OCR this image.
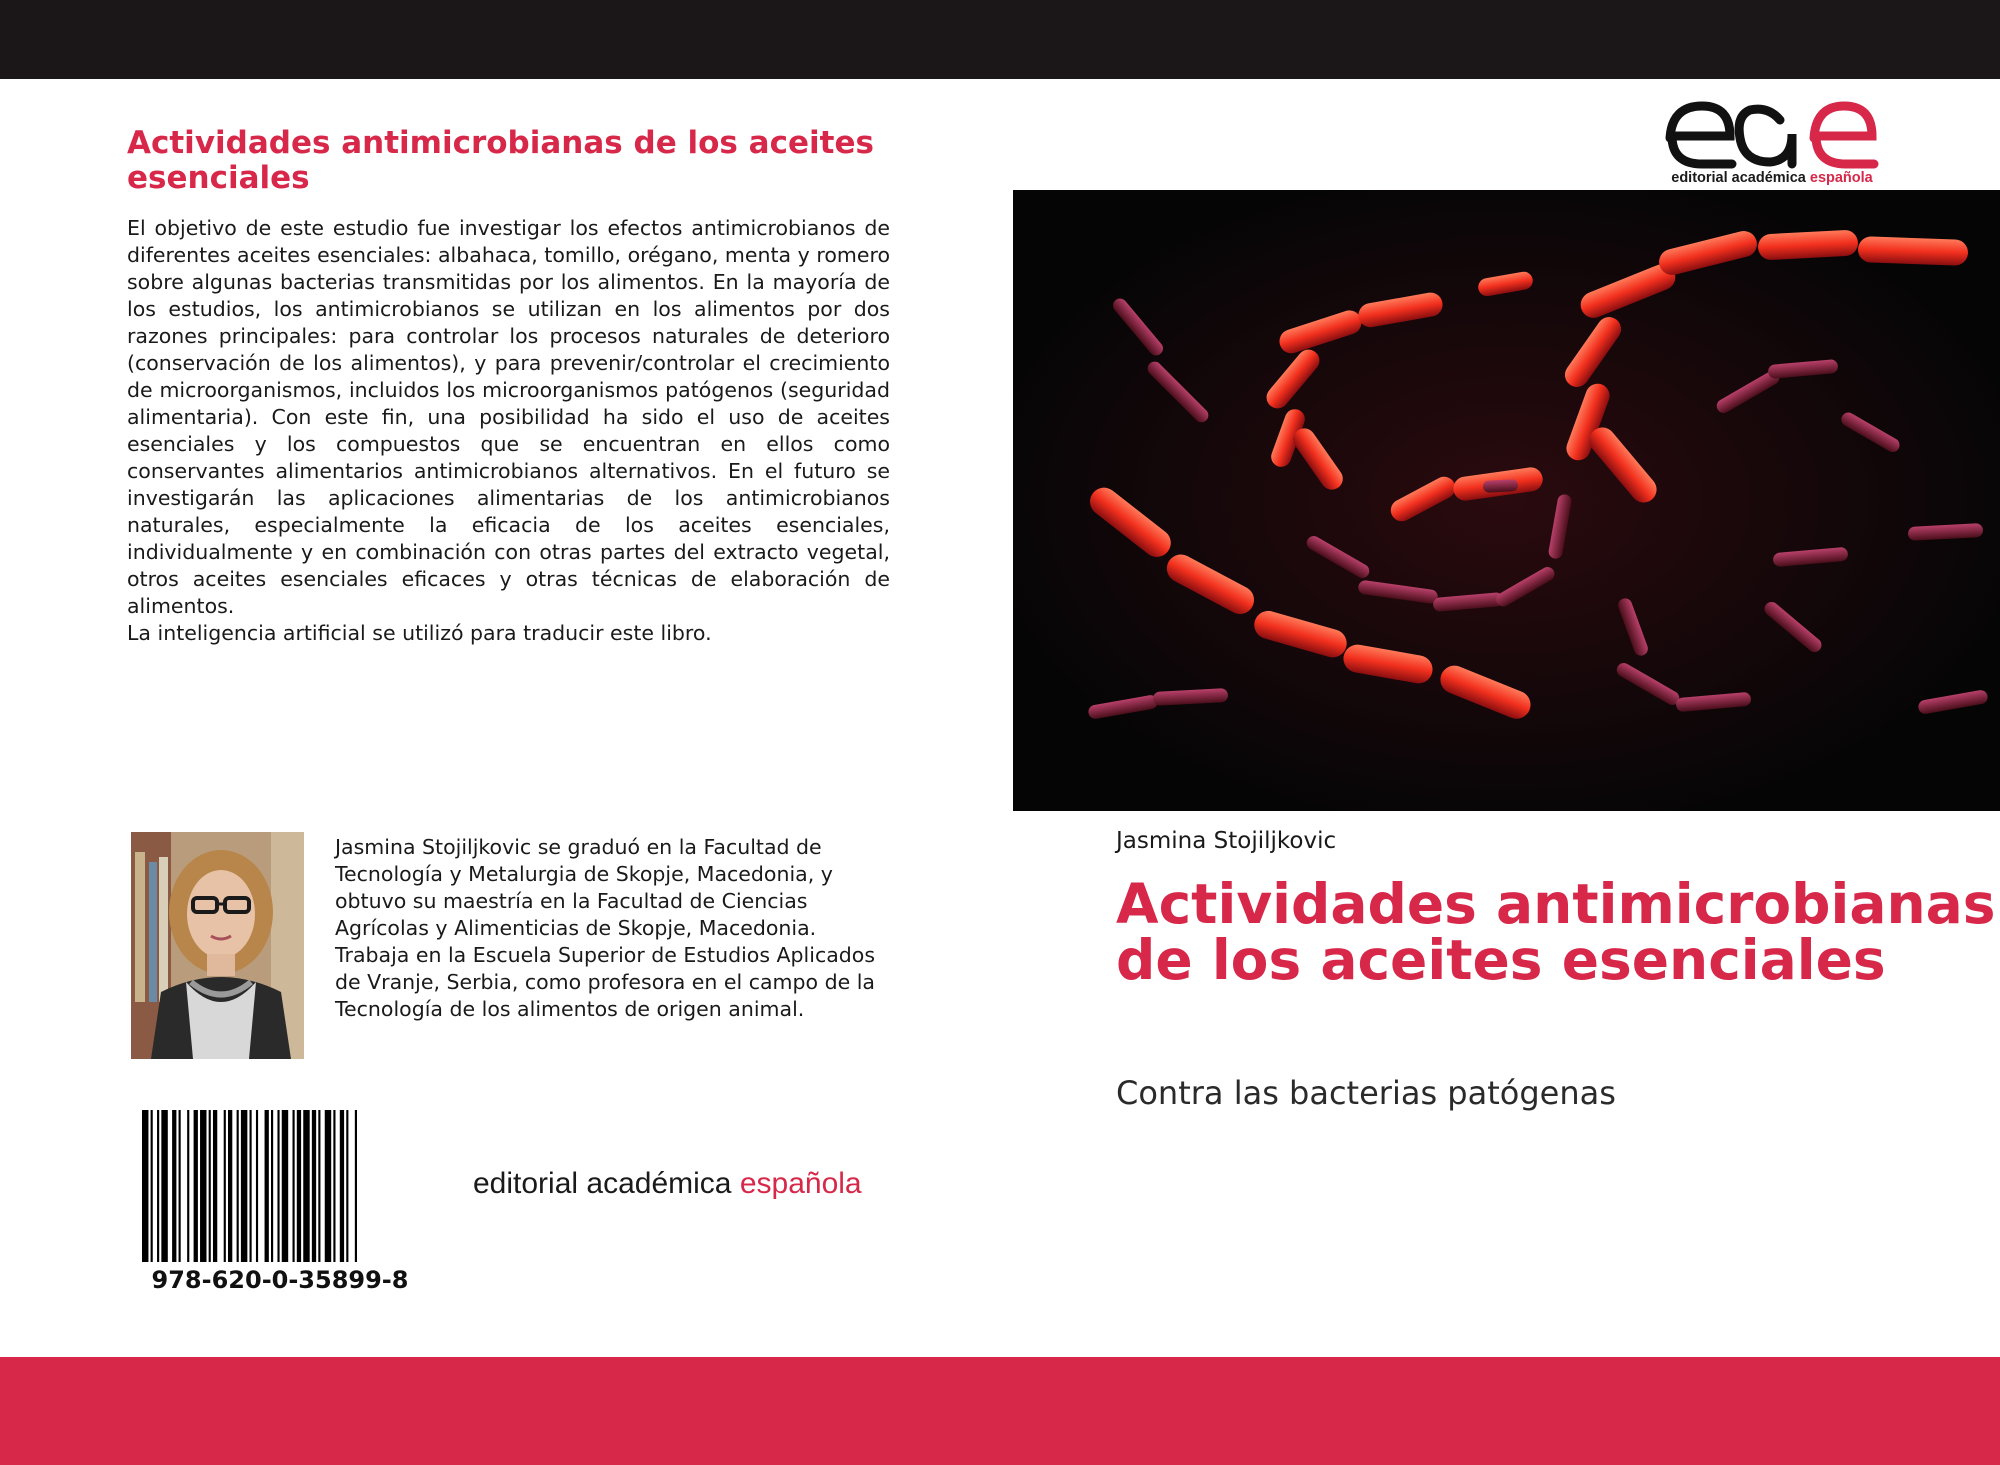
Actividades antimicrobianas de los aceites esenciales

El objetivo de este estudio fue investigar los efectos antimicrobianos de diferentes aceites esenciales: albahaca, tomillo, orégano, menta y romero sobre algunas bacterias transmitidas por los alimentos. En la mayoría de los estudios, los antimicrobianos se utilizan en los alimentos por dos razones principales: para controlar los procesos naturales de deterioro (conservación de los alimentos), y para prevenir/controlar el crecimiento de microorganismos, incluidos los microorganismos patógenos (seguridad alimentaria). Con este fin, una posibilidad ha sido el uso de aceites esenciales y los compuestos que se encuentran en ellos como conservantes alimentarios antimicrobianos alternativos. En el futuro se investigarán las aplicaciones alimentarias de los antimicrobianos naturales, especialmente la eficacia de los aceites esenciales, individualmente y en combinación con otras partes del extracto vegetal, otros aceites esenciales eficaces y otras técnicas de elaboración de alimentos.

La inteligencia artificial se utilizó para traducir este libro.

Jasmina Stojiljkovic se graduó en la Facultad de Tecnología y Metalurgia de Skopje, Macedonia, y obtuvo su maestría en la Facultad de Ciencias Agrícolas y Alimenticias de Skopje, Macedonia. Trabaja en la Escuela Superior de Estudios Aplicados de Vranje, Serbia, como profesora en el campo de la Tecnología de los alimentos de origen animal.
978-620-0-35899-8
editorial académica española
editorial académica española
Jasmina Stojiljkovic
Actividades antimicrobianas de los aceites esenciales
Contra las bacterias patógenas
